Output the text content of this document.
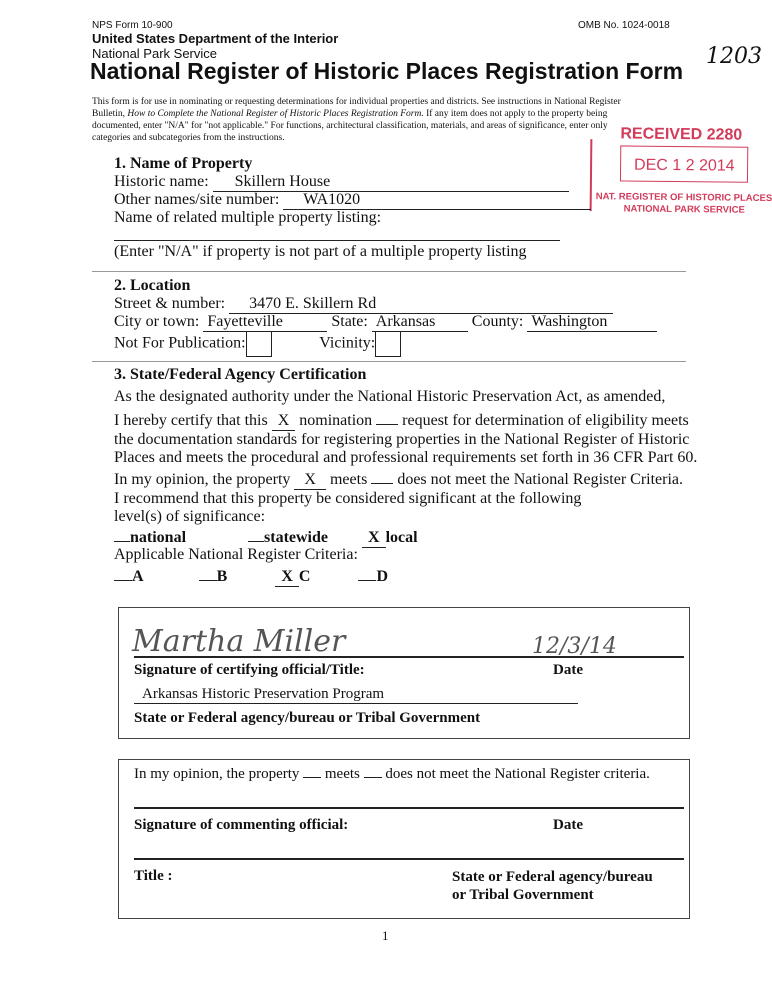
NPS Form 10-900	OMB No. 1024-0018
United States Department of the Interior
National Park Service
National Register of Historic Places Registration Form
1203
This form is for use in nominating or requesting determinations for individual properties and districts. See instructions in National Register
Bulletin, How to Complete the National Register of Historic Places Registration Form. If any item does not apply to the property being
documented, enter "N/A" for "not applicable." For functions, architectural classification, materials, and areas of significance, enter only
categories and subcategories from the instructions.	RECEIVED 2280
DEC 1 2 2014
NAT. REGISTER OF HISTORIC PLACES
NATIONAL PARK SERVICE
1. Name of Property
Historic name: Skillern House
Other names/site number: WA1020
Name of related multiple property listing:
(Enter "N/A" if property is not part of a multiple property listing
2. Location
Street & number: 3470 E. Skillern Rd
City or town: Fayetteville	State: Arkansas County: Washington
Not For Publication:	Vicinity:
3. State/Federal Agency Certification
As the designated authority under the National Historic Preservation Act, as amended,
I hereby certify that this X nomination  request for determination of eligibility meets
the documentation standards for registering properties in the National Register of Historic
Places and meets the procedural and professional requirements set forth in 36 CFR Part 60.
In my opinion, the property X meets  does not meet the National Register Criteria.
I recommend that this property be considered significant at the following
level(s) of significance:
national	statewide	X local
Applicable National Register Criteria:
A	B	X C	D
Martha Miller	12/3/14
Signature of certifying official/Title:	Date
Arkansas Historic Preservation Program
State or Federal agency/bureau or Tribal Government
In my opinion, the property  meets  does not meet the National Register criteria.
Signature of commenting official:	Date
Title :	State or Federal agency/bureau
or Tribal Government
1
